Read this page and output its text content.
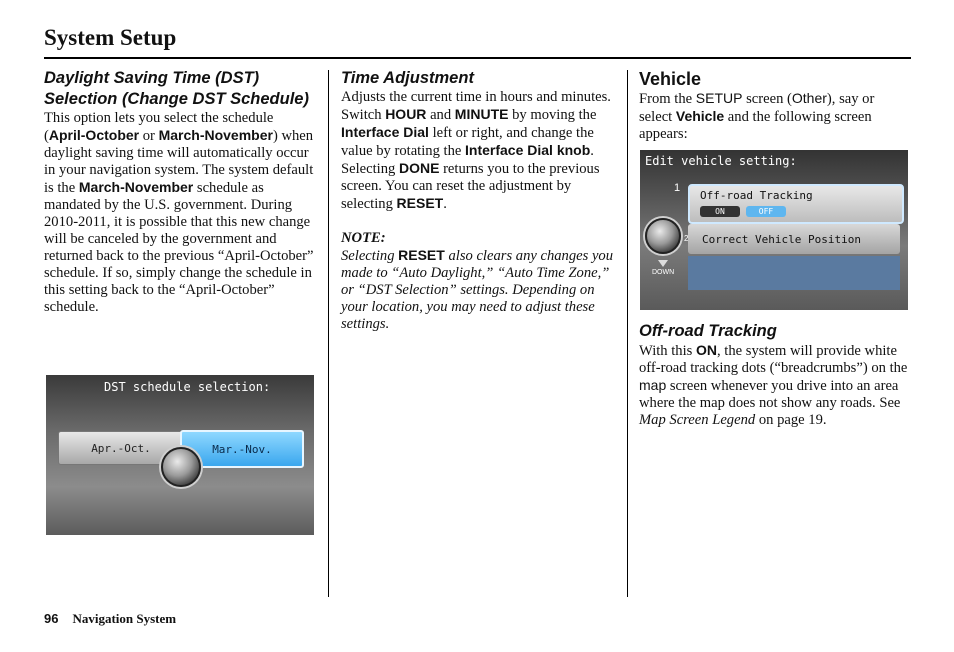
System Setup

Daylight Saving Time (DST) Selection (Change DST Schedule)

This option lets you select the schedule (April-October or March-November) when daylight saving time will automatically occur in your navigation system. The system default is the March-November schedule as mandated by the U.S. government. During 2010-2011, it is possible that this new change will be canceled by the government and returned back to the previous “April-October” schedule. If so, simply change the schedule in this setting back to the “April-October” schedule.

DST schedule selection:
Apr.-Oct.	Mar.-Nov.

Time Adjustment

Adjusts the current time in hours and minutes. Switch HOUR and MINUTE by moving the Interface Dial left or right, and change the value by rotating the Interface Dial knob. Selecting DONE returns you to the previous screen. You can reset the adjustment by selecting RESET.

NOTE:

Selecting RESET also clears any changes you made to “Auto Daylight,” “Auto Time Zone,” or “DST Selection” settings. Depending on your location, you may need to adjust these settings.

Vehicle

From the SETUP screen (Other), say or select Vehicle and the following screen appears:

Edit vehicle setting:
Off-road Tracking
ON	OFF
1
Correct Vehicle Position
2
DOWN

Off-road Tracking

With this ON, the system will provide white off-road tracking dots (“breadcrumbs”) on the map screen whenever you drive into an area where the map does not show any roads. See Map Screen Legend on page 19.

96 Navigation System
